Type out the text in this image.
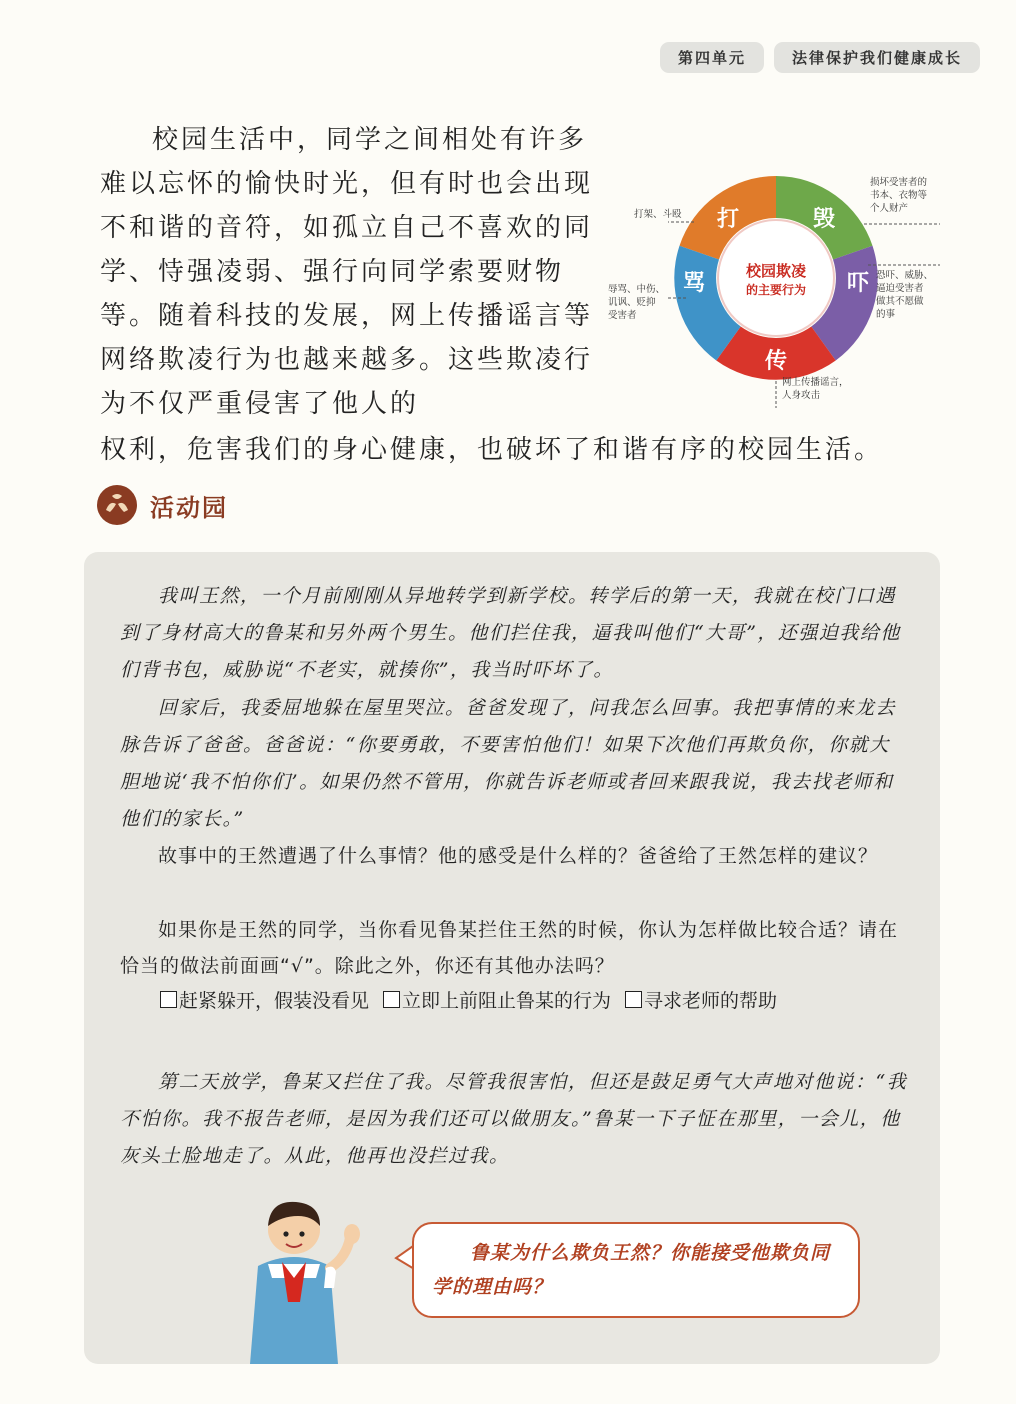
第四单元	法律保护我们健康成长

校园生活中，同学之间相处有许多难以忘怀的愉快时光，但有时也会出现不和谐的音符，如孤立自己不喜欢的同学、恃强凌弱、强行向同学索要财物等。随着科技的发展，网上传播谣言等网络欺凌行为也越来越多。这些欺凌行为不仅严重侵害了他人的

权利，危害我们的身心健康，也破坏了和谐有序的校园生活。

打	毁
吓
传
骂	校园欺凌
的主要行为
打架、斗殴
损坏受害者的
书本、衣物等
个人财产
恐吓、威胁、
逼迫受害者
做其不愿做
的事
网上传播谣言，
人身攻击
辱骂、中伤、
讥讽、贬抑
受害者
活动园

我叫王然，一个月前刚刚从异地转学到新学校。转学后的第一天，我就在校门口遇到了身材高大的鲁某和另外两个男生。他们拦住我，逼我叫他们“大哥”，还强迫我给他们背书包，威胁说“不老实，就揍你”，我当时吓坏了。

回家后，我委屈地躲在屋里哭泣。爸爸发现了，问我怎么回事。我把事情的来龙去脉告诉了爸爸。爸爸说：“你要勇敢，不要害怕他们！如果下次他们再欺负你，你就大胆地说‘我不怕你们’。如果仍然不管用，你就告诉老师或者回来跟我说，我去找老师和他们的家长。”

故事中的王然遭遇了什么事情？他的感受是什么样的？爸爸给了王然怎样的建议？

如果你是王然的同学，当你看见鲁某拦住王然的时候，你认为怎样做比较合适？请在恰当的做法前面画“√”。除此之外，你还有其他办法吗？

赶紧躲开，假装没看见 立即上前阻止鲁某的行为 寻求老师的帮助

第二天放学，鲁某又拦住了我。尽管我很害怕，但还是鼓足勇气大声地对他说：“我不怕你。我不报告老师，是因为我们还可以做朋友。”鲁某一下子怔在那里，一会儿，他灰头土脸地走了。从此，他再也没拦过我。

鲁某为什么欺负王然？你能接受他欺负同学的理由吗？
